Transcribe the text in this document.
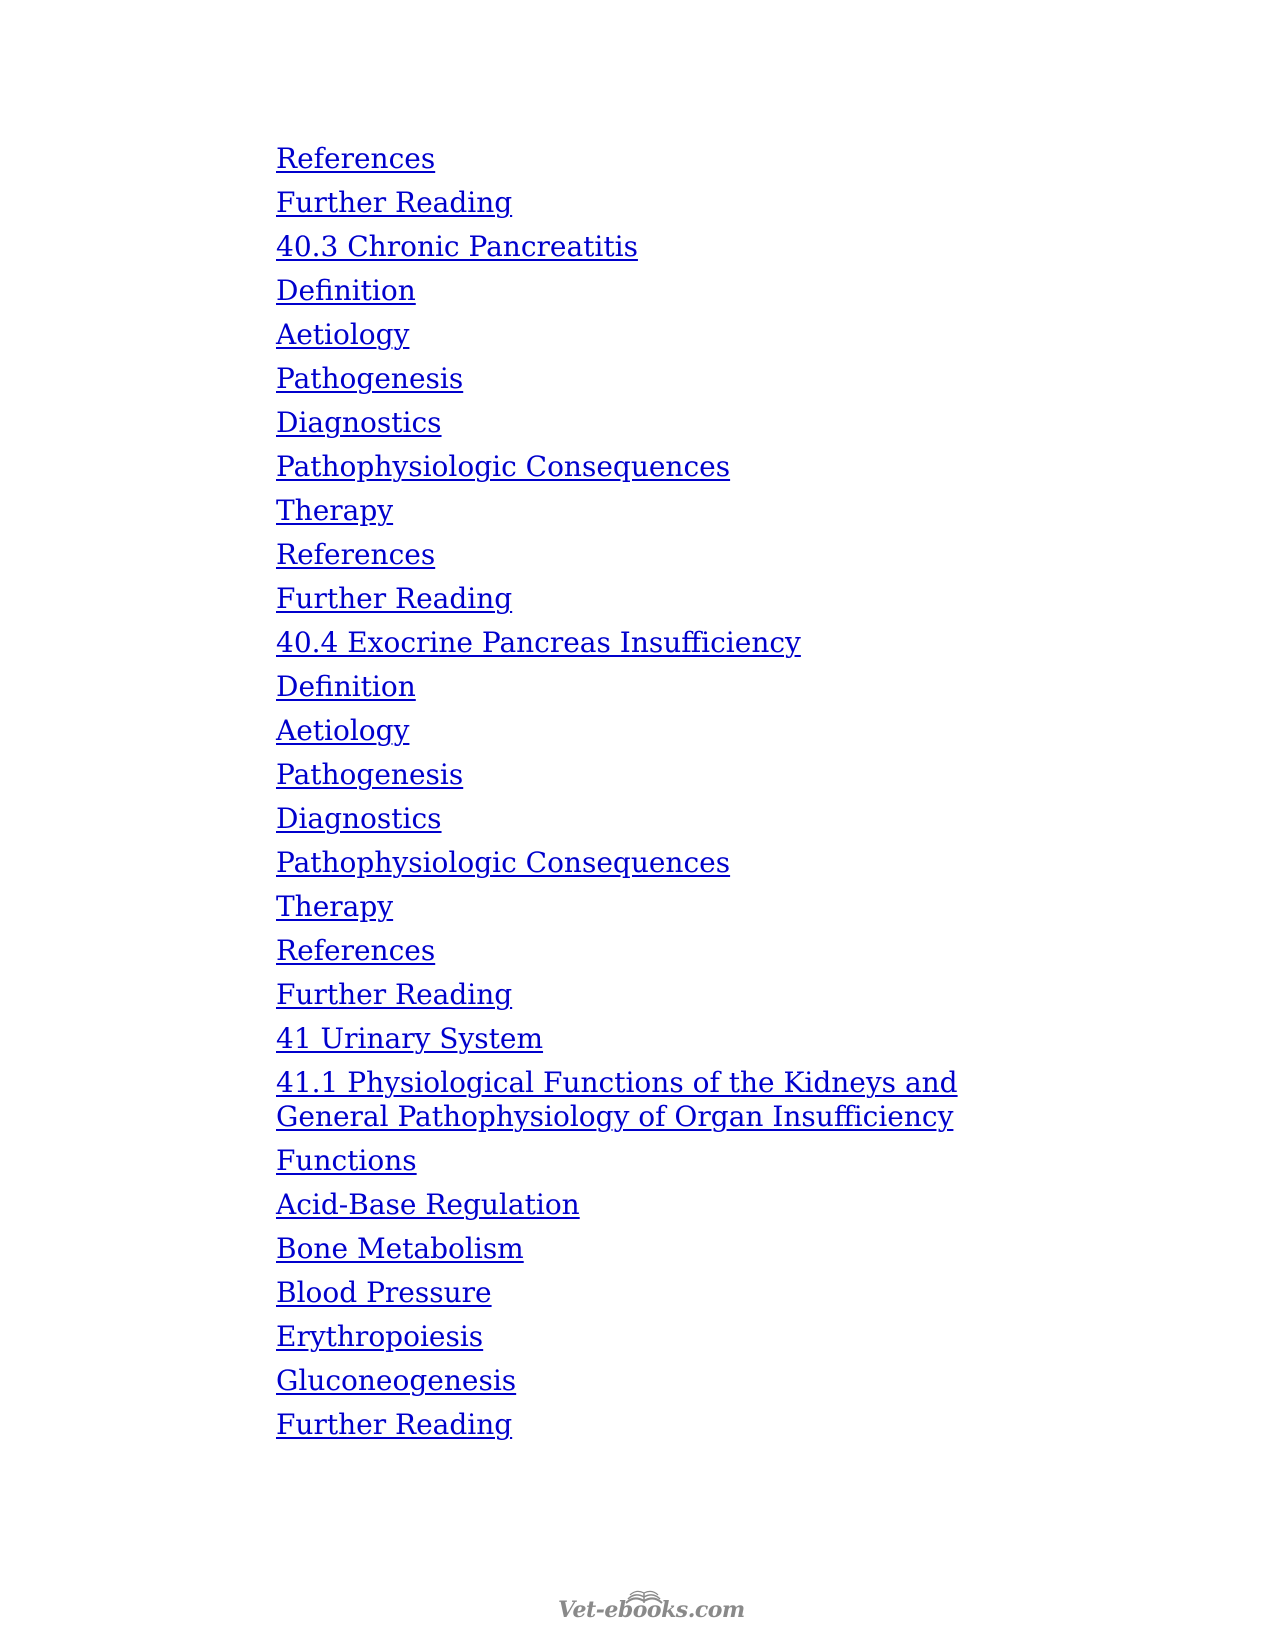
References
Further Reading
40.3 Chronic Pancreatitis
Definition
Aetiology
Pathogenesis
Diagnostics
Pathophysiologic Consequences
Therapy
References
Further Reading
40.4 Exocrine Pancreas Insufficiency
Definition
Aetiology
Pathogenesis
Diagnostics
Pathophysiologic Consequences
Therapy
References
Further Reading
41 Urinary System
41.1 Physiological Functions of the Kidneys and General Pathophysiology of Organ Insufficiency
Functions
Acid-Base Regulation
Bone Metabolism
Blood Pressure
Erythropoiesis
Gluconeogenesis
Further Reading
Vet-ebooks.com
